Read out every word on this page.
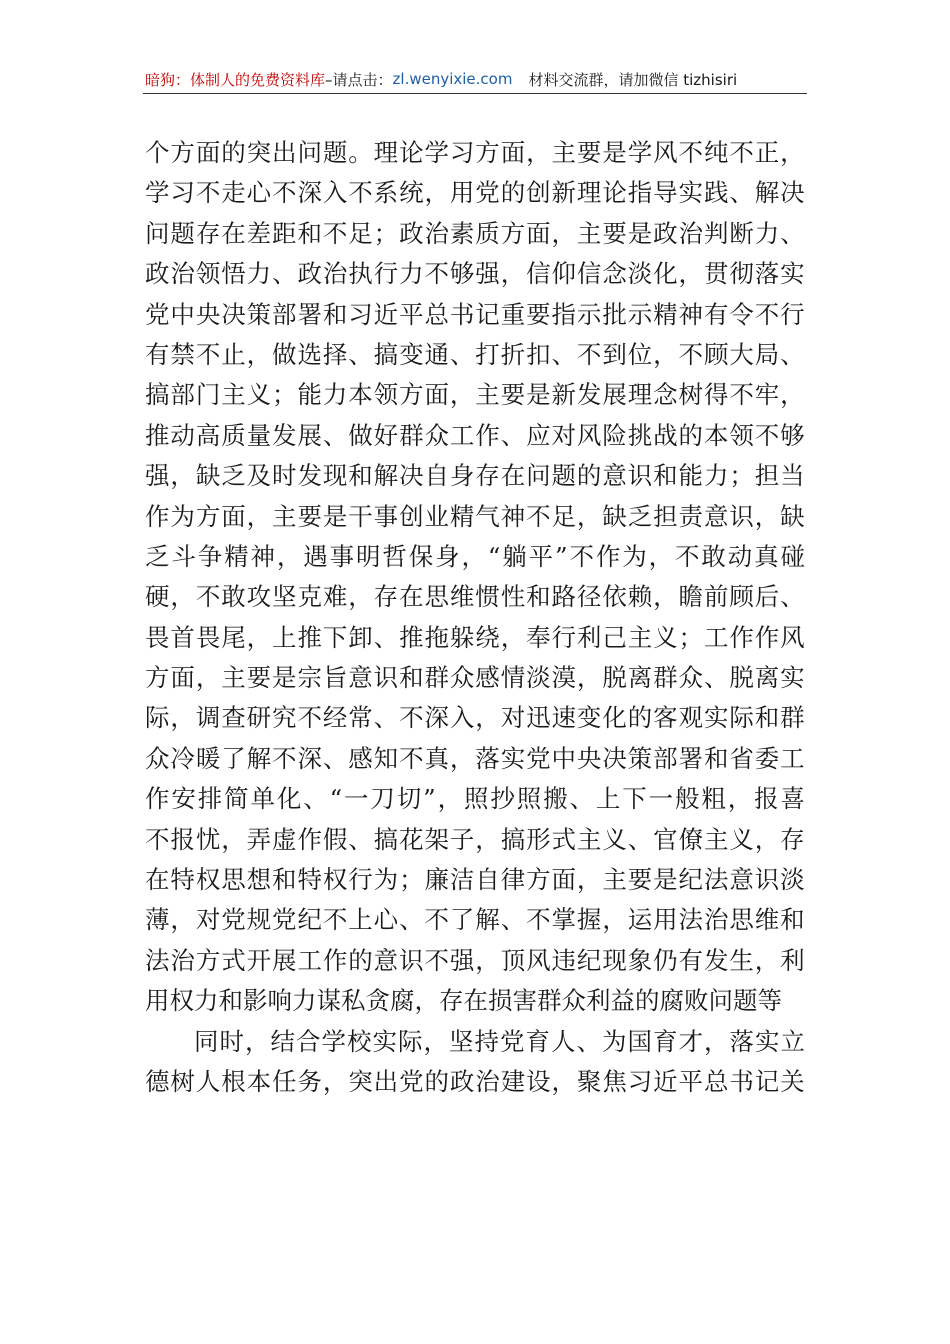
暗狗：体制人的免费资料库 –请点击： zl.wenyixie.com 材料交流群，请加微信 tizhisiri
个 方 面 的 突 出 问 题 。 理 论 学 习 方 面 ， 主 要 是 学 风 不 纯 不 正 ，
学 习 不 走 心 不 深 入 不 系 统 ， 用 党 的 创 新 理 论 指 导 实 践 、 解 决
问 题 存 在 差 距 和 不 足 ； 政 治 素 质 方 面 ， 主 要 是 政 治 判 断 力 、
政 治 领 悟 力 、 政 治 执 行 力 不 够 强 ， 信 仰 信 念 淡 化 ， 贯 彻 落 实
党 中 央 决 策 部 署 和 习 近 平 总 书 记 重 要 指 示 批 示 精 神 有 令 不 行
有 禁 不 止 ， 做 选 择 、 搞 变 通 、 打 折 扣 、 不 到 位 ， 不 顾 大 局 、
搞 部 门 主 义 ； 能 力 本 领 方 面 ， 主 要 是 新 发 展 理 念 树 得 不 牢 ，
推 动 高 质 量 发 展 、 做 好 群 众 工 作 、 应 对 风 险 挑 战 的 本 领 不 够
强 ， 缺 乏 及 时 发 现 和 解 决 自 身 存 在 问 题 的 意 识 和 能 力 ； 担 当
作 为 方 面 ， 主 要 是 干 事 创 业 精 气 神 不 足 ， 缺 乏 担 责 意 识 ， 缺
乏 斗 争 精 神 ， 遇 事 明 哲 保 身 ， “ 躺 平 ” 不 作 为 ， 不 敢 动 真 碰
硬 ， 不 敢 攻 坚 克 难 ， 存 在 思 维 惯 性 和 路 径 依 赖 ， 瞻 前 顾 后 、
畏 首 畏 尾 ， 上 推 下 卸 、 推 拖 躲 绕 ， 奉 行 利 己 主 义 ； 工 作 作 风
方 面 ， 主 要 是 宗 旨 意 识 和 群 众 感 情 淡 漠 ， 脱 离 群 众 、 脱 离 实
际 ， 调 查 研 究 不 经 常 、 不 深 入 ， 对 迅 速 变 化 的 客 观 实 际 和 群
众 冷 暖 了 解 不 深 、 感 知 不 真 ， 落 实 党 中 央 决 策 部 署 和 省 委 工
作 安 排 简 单 化 、 “ 一 刀 切 ” ， 照 抄 照 搬 、 上 下 一 般 粗 ， 报 喜
不 报 忧 ， 弄 虚 作 假 、 搞 花 架 子 ， 搞 形 式 主 义 、 官 僚 主 义 ， 存
在 特 权 思 想 和 特 权 行 为 ； 廉 洁 自 律 方 面 ， 主 要 是 纪 法 意 识 淡
薄 ， 对 党 规 党 纪 不 上 心 、 不 了 解 、 不 掌 握 ， 运 用 法 治 思 维 和
法 治 方 式 开 展 工 作 的 意 识 不 强 ， 顶 风 违 纪 现 象 仍 有 发 生 ， 利
用 权 力 和 影 响 力 谋 私 贪 腐 ， 存 在 损 害 群 众 利 益 的 腐 败 问 题 等
同 时 ， 结 合 学 校 实 际 ， 坚 持 党 育 人 、 为 国 育 才 ， 落 实 立
德 树 人 根 本 任 务 ， 突 出 党 的 政 治 建 设 ， 聚 焦 习 近 平 总 书 记 关
